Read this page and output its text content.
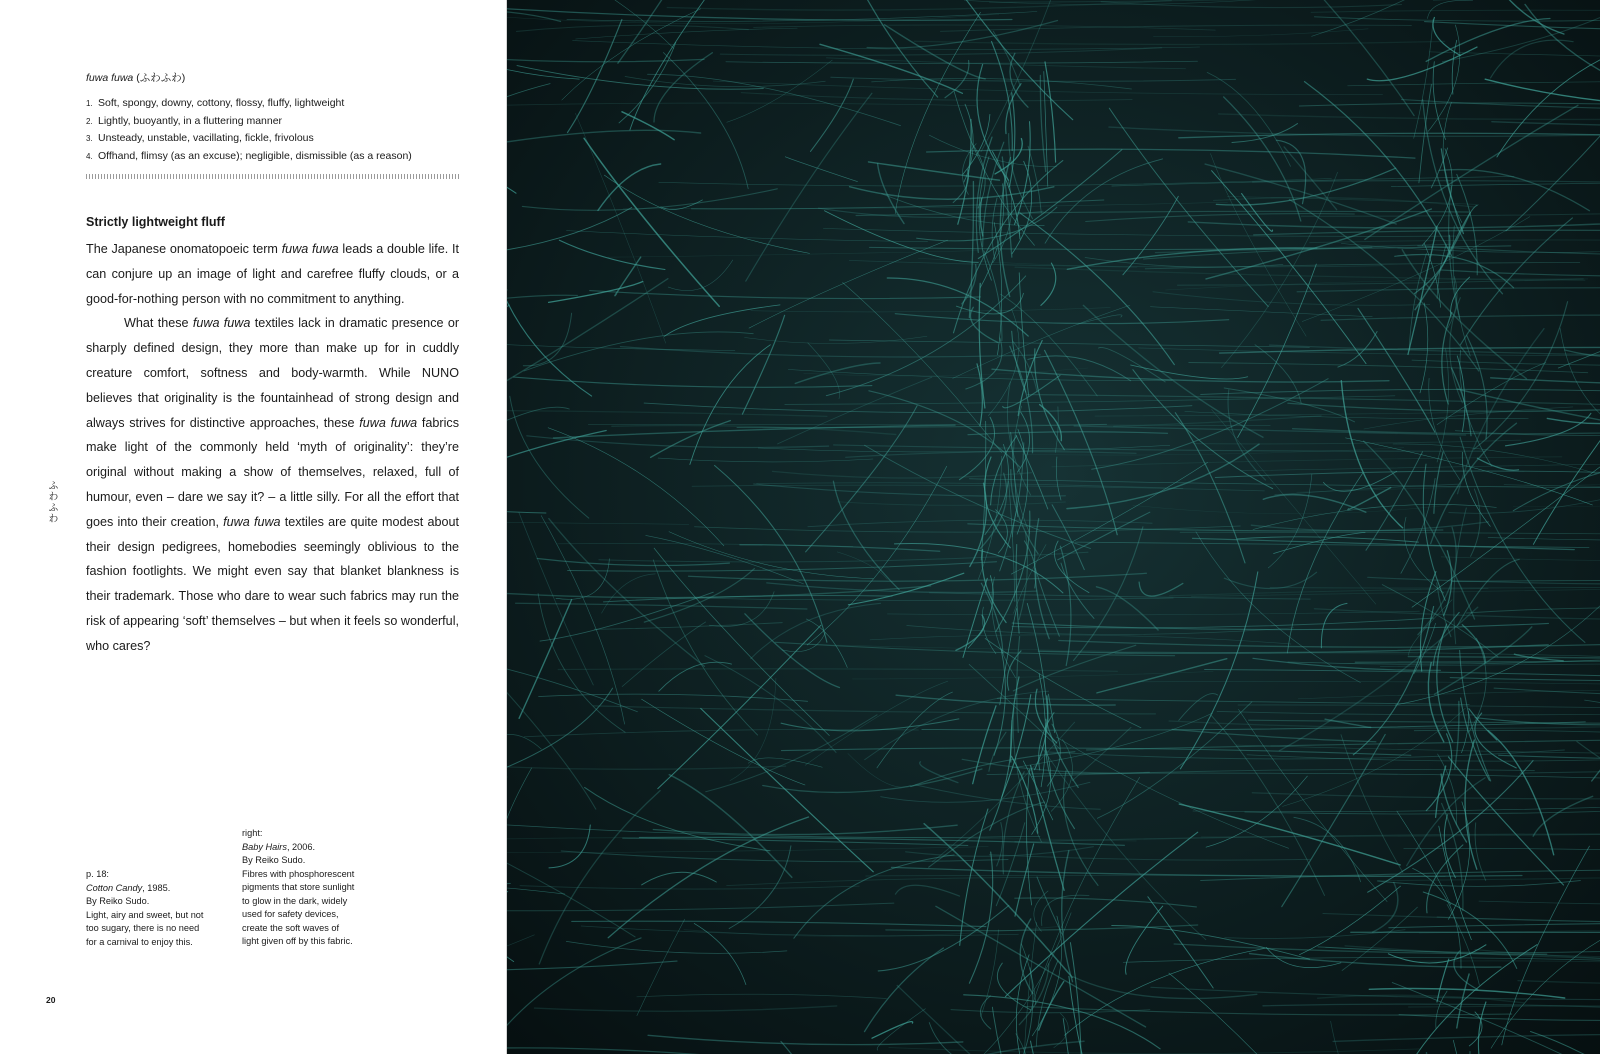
fuwa fuwa (ふわふわ)
1. Soft, spongy, downy, cottony, flossy, fluffy, lightweight
2. Lightly, buoyantly, in a fluttering manner
3. Unsteady, unstable, vacillating, fickle, frivolous
4. Offhand, flimsy (as an excuse); negligible, dismissible (as a reason)
Strictly lightweight fluff
The Japanese onomatopoeic term fuwa fuwa leads a double life. It can conjure up an image of light and carefree fluffy clouds, or a good-for-nothing person with no commitment to anything.
What these fuwa fuwa textiles lack in dramatic presence or sharply defined design, they more than make up for in cuddly creature comfort, softness and body-warmth. While NUNO believes that originality is the fountainhead of strong design and always strives for distinctive approaches, these fuwa fuwa fabrics make light of the commonly held ‘myth of originality’: they’re original without making a show of themselves, relaxed, full of humour, even – dare we say it? – a little silly. For all the effort that goes into their creation, fuwa fuwa textiles are quite modest about their design pedigrees, homebodies seemingly oblivious to the fashion footlights. We might even say that blanket blankness is their trademark. Those who dare to wear such fabrics may run the risk of appearing ‘soft’ themselves – but when it feels so wonderful, who cares?
ふわふわ
p. 18:
Cotton Candy, 1985.
By Reiko Sudo.
Light, airy and sweet, but not
too sugary, there is no need
for a carnival to enjoy this.
right:
Baby Hairs, 2006.
By Reiko Sudo.
Fibres with phosphorescent
pigments that store sunlight
to glow in the dark, widely
used for safety devices,
create the soft waves of
light given off by this fabric.
20
